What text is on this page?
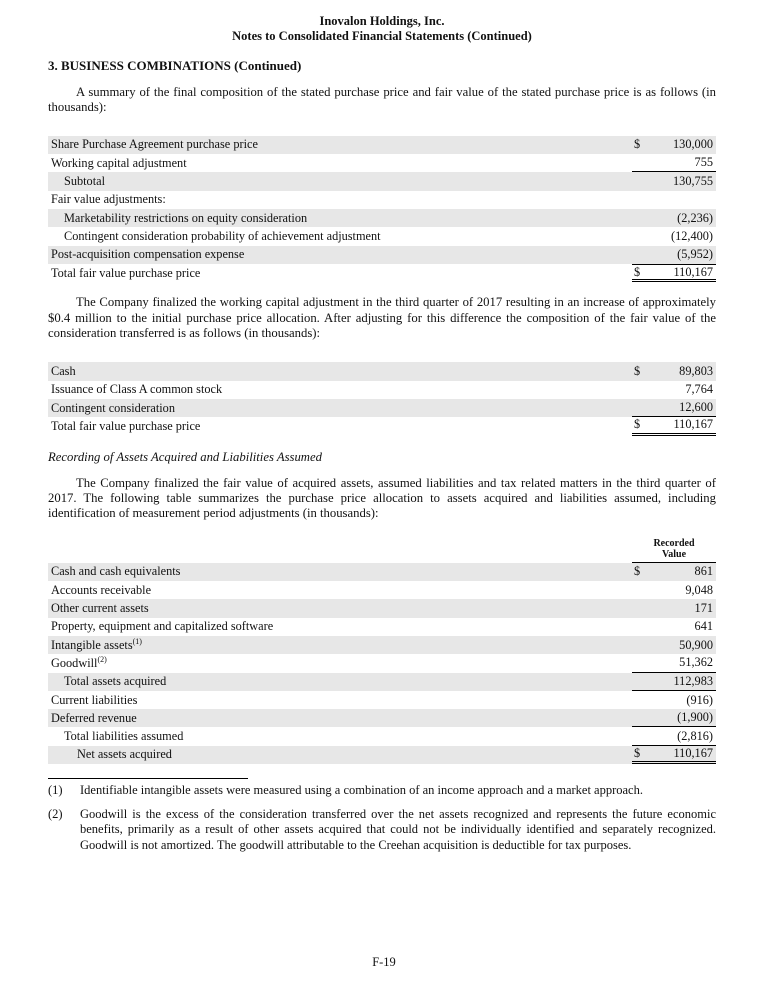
Inovalon Holdings, Inc.
Notes to Consolidated Financial Statements (Continued)
3. BUSINESS COMBINATIONS (Continued)

A summary of the final composition of the stated purchase price and fair value of the stated purchase price is as follows (in thousands):

Share Purchase Agreement purchase price	$	130,000
Working capital adjustment	755
Subtotal	130,755
Fair value adjustments:
Marketability restrictions on equity consideration	(2,236)
Contingent consideration probability of achievement adjustment	(12,400)
Post-acquisition compensation expense	(5,952)
Total fair value purchase price	$	110,167

The Company finalized the working capital adjustment in the third quarter of 2017 resulting in an increase of approximately $0.4 million to the initial purchase price allocation. After adjusting for this difference the composition of the fair value of the consideration transferred is as follows (in thousands):

Cash	$	89,803
Issuance of Class A common stock	7,764
Contingent consideration	12,600
Total fair value purchase price	$	110,167
Recording of Assets Acquired and Liabilities Assumed

The Company finalized the fair value of acquired assets, assumed liabilities and tax related matters in the third quarter of 2017. The following table summarizes the purchase price allocation to assets acquired and liabilities assumed, including identification of measurement period adjustments (in thousands):

Recorded Value
Cash and cash equivalents	$	861
Accounts receivable	9,048
Other current assets	171
Property, equipment and capitalized software	641
Intangible assets$^{(1)}$	50,900
Goodwill$^{(2)}$	51,362
Total assets acquired	112,983
Current liabilities	(916)
Deferred revenue	(1,900)
Total liabilities assumed	(2,816)
Net assets acquired	$	110,167
(1)	Identifiable intangible assets were measured using a combination of an income approach and a market approach.
(2)	Goodwill is the excess of the consideration transferred over the net assets recognized and represents the future economic benefits, primarily as a result of other assets acquired that could not be individually identified and separately recognized. Goodwill is not amortized. The goodwill attributable to the Creehan acquisition is deductible for tax purposes.
F-19
